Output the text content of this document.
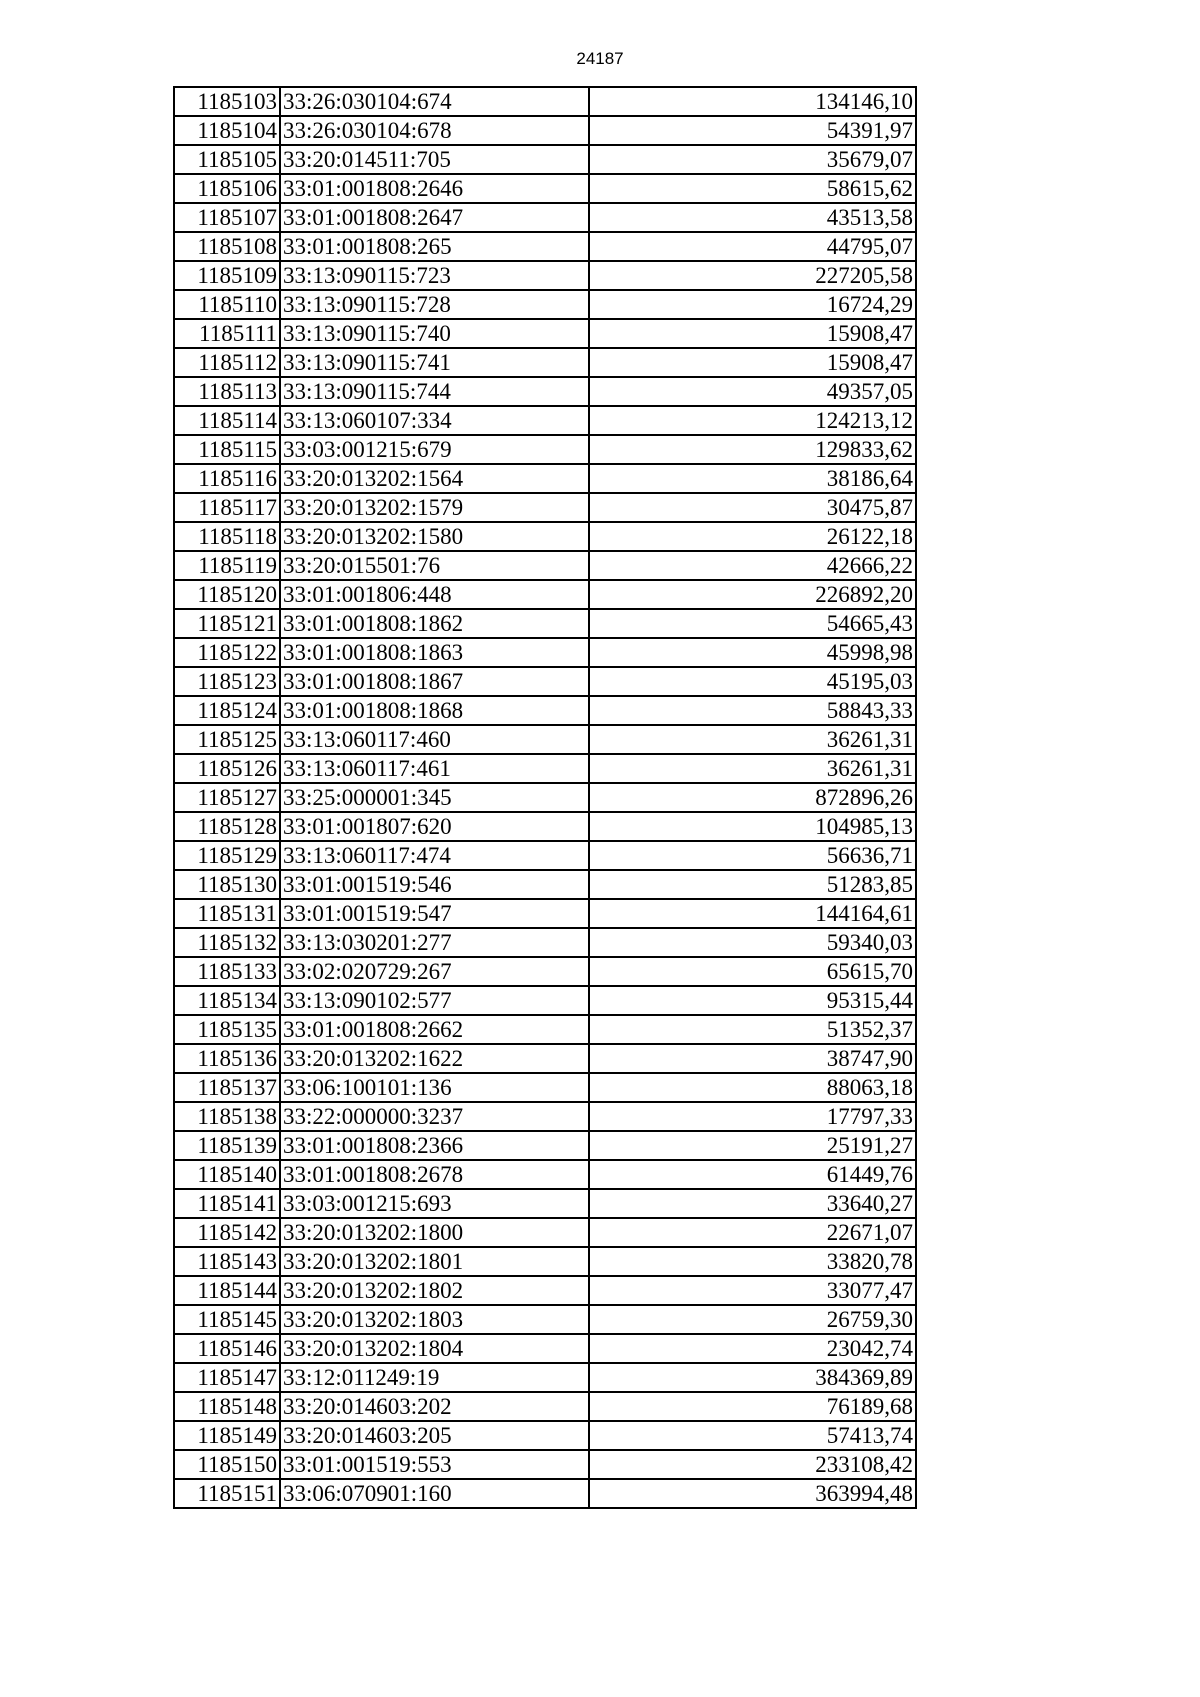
24187
1185103	33:26:030104:674	134146,10
1185104	33:26:030104:678	54391,97
1185105	33:20:014511:705	35679,07
1185106	33:01:001808:2646	58615,62
1185107	33:01:001808:2647	43513,58
1185108	33:01:001808:265	44795,07
1185109	33:13:090115:723	227205,58
1185110	33:13:090115:728	16724,29
1185111	33:13:090115:740	15908,47
1185112	33:13:090115:741	15908,47
1185113	33:13:090115:744	49357,05
1185114	33:13:060107:334	124213,12
1185115	33:03:001215:679	129833,62
1185116	33:20:013202:1564	38186,64
1185117	33:20:013202:1579	30475,87
1185118	33:20:013202:1580	26122,18
1185119	33:20:015501:76	42666,22
1185120	33:01:001806:448	226892,20
1185121	33:01:001808:1862	54665,43
1185122	33:01:001808:1863	45998,98
1185123	33:01:001808:1867	45195,03
1185124	33:01:001808:1868	58843,33
1185125	33:13:060117:460	36261,31
1185126	33:13:060117:461	36261,31
1185127	33:25:000001:345	872896,26
1185128	33:01:001807:620	104985,13
1185129	33:13:060117:474	56636,71
1185130	33:01:001519:546	51283,85
1185131	33:01:001519:547	144164,61
1185132	33:13:030201:277	59340,03
1185133	33:02:020729:267	65615,70
1185134	33:13:090102:577	95315,44
1185135	33:01:001808:2662	51352,37
1185136	33:20:013202:1622	38747,90
1185137	33:06:100101:136	88063,18
1185138	33:22:000000:3237	17797,33
1185139	33:01:001808:2366	25191,27
1185140	33:01:001808:2678	61449,76
1185141	33:03:001215:693	33640,27
1185142	33:20:013202:1800	22671,07
1185143	33:20:013202:1801	33820,78
1185144	33:20:013202:1802	33077,47
1185145	33:20:013202:1803	26759,30
1185146	33:20:013202:1804	23042,74
1185147	33:12:011249:19	384369,89
1185148	33:20:014603:202	76189,68
1185149	33:20:014603:205	57413,74
1185150	33:01:001519:553	233108,42
1185151	33:06:070901:160	363994,48
